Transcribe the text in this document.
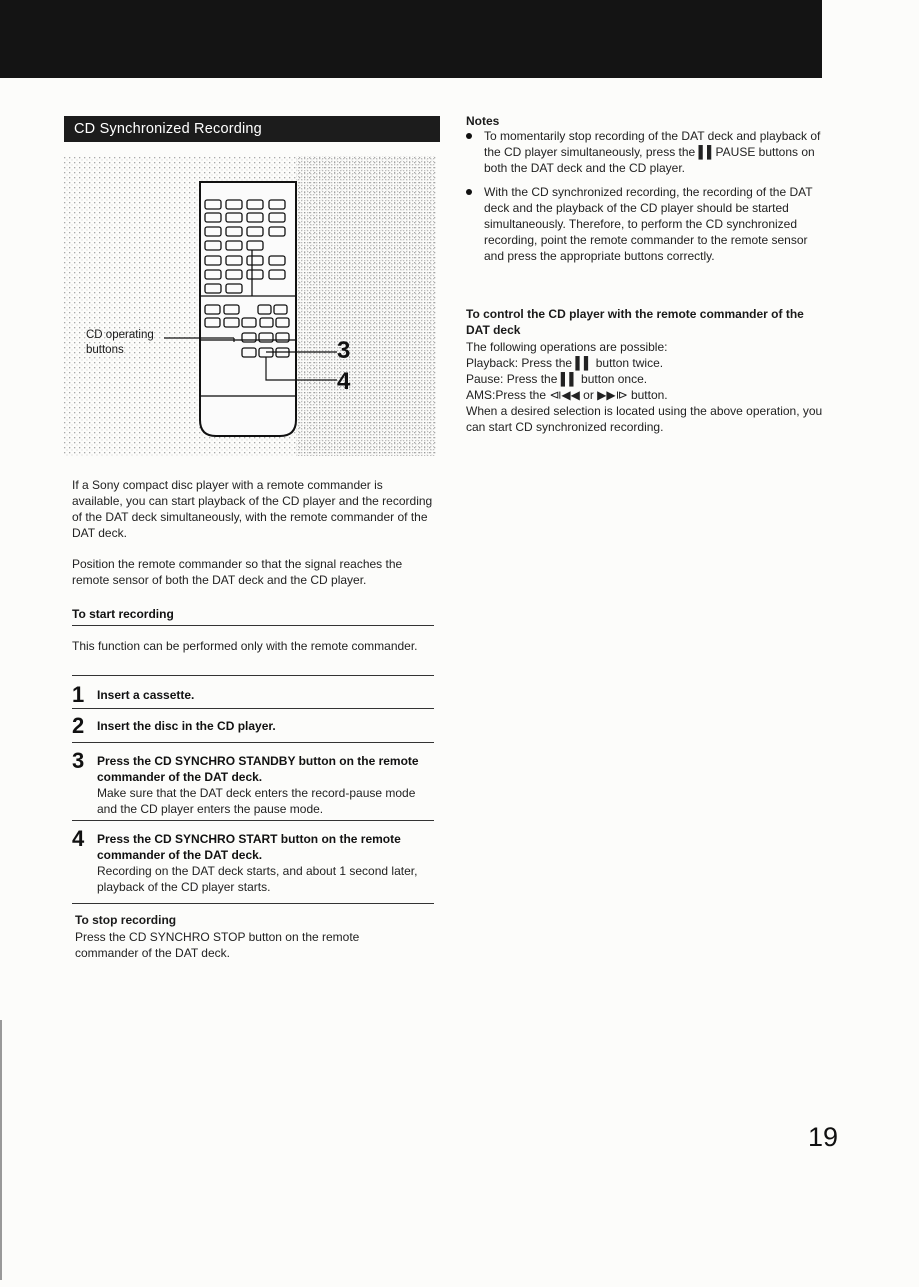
CD Synchronized Recording
CD operating
buttons	3
4

If a Sony compact disc player with a remote commander is available, you can start playback of the CD player and the recording of the DAT deck simultaneously, with the remote commander of the DAT deck.

Position the remote commander so that the signal reaches the remote sensor of both the DAT deck and the CD player.

To start recording

This function can be performed only with the remote commander.

1 Insert a cassette.
2 Insert the disc in the CD player.
3 Press the CD SYNCHRO STANDBY button on the remote commander of the DAT deck.
Make sure that the DAT deck enters the record-pause mode and the CD player enters the pause mode.
4 Press the CD SYNCHRO START button on the remote commander of the DAT deck.
Recording on the DAT deck starts, and about 1 second later, playback of the CD player starts.
To stop recording
Press the CD SYNCHRO STOP button on the remote commander of the DAT deck.
Notes
To momentarily stop recording of the DAT deck and playback of the CD player simultaneously, press the ▌▌PAUSE buttons on both the DAT deck and the CD player.
With the CD synchronized recording, the recording of the DAT deck and the playback of the CD player should be started simultaneously. Therefore, to perform the CD synchronized recording, point the remote commander to the remote sensor and press the appropriate buttons correctly.
To control the CD player with the remote commander of the DAT deck
The following operations are possible:
Playback: Press the ▌▌ button twice.
Pause: Press the ▌▌ button once.
AMS:Press the ⧏◀◀ or ▶▶⧐ button.
When a desired selection is located using the above operation, you can start CD synchronized recording.
19
